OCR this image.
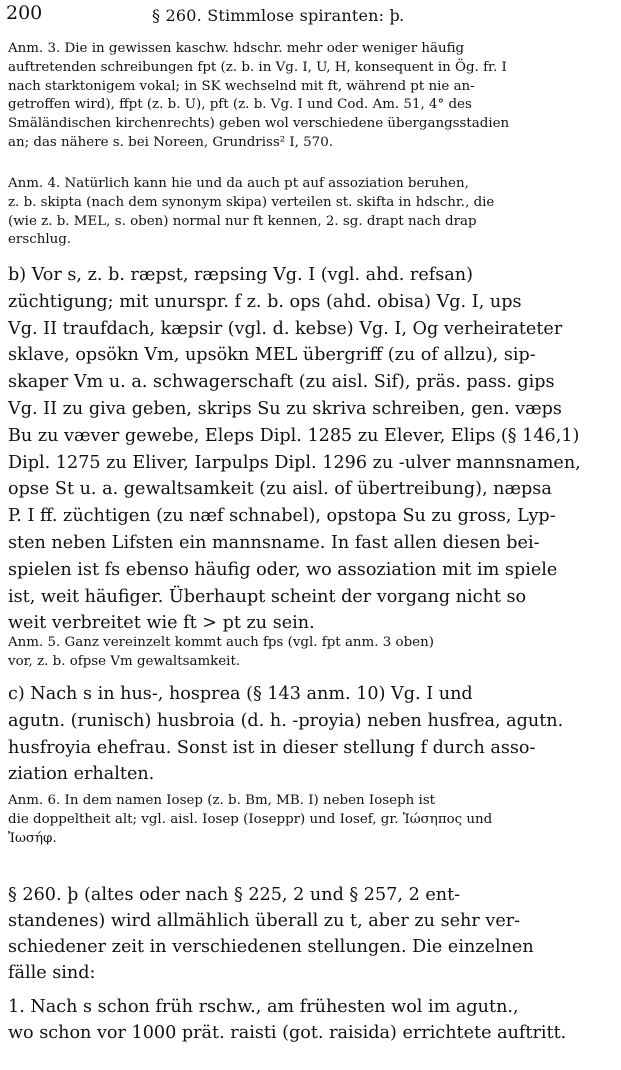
200	§ 260. Stimmlose spiranten: þ.
Anm. 3. Die in gewissen kaschw. hdschr. mehr oder weniger häufig
auftretenden schreibungen fpt (z. b. in Vg. I, U, H, konsequent in Ög. fr. I
nach starktonigem vokal; in SK wechselnd mit ft, während pt nie an-
getroffen wird), ffpt (z. b. U), pft (z. b. Vg. I und Cod. Am. 51, 4° des
Smäländischen kirchenrechts) geben wol verschiedene übergangsstadien
an; das nähere s. bei Noreen, Grundriss² I, 570.
Anm. 4. Natürlich kann hie und da auch pt auf assoziation beruhen,
z. b. skipta (nach dem synonym skipa) verteilen st. skifta in hdschr., die
(wie z. b. MEL, s. oben) normal nur ft kennen, 2. sg. drapt nach drap
erschlug.
b) Vor s, z. b. ræpst, ræpsing Vg. I (vgl. ahd. refsan)
züchtigung; mit unurspr. f z. b. ops (ahd. obisa) Vg. I, ups
Vg. II traufdach, kæpsir (vgl. d. kebse) Vg. I, Og verheirateter
sklave, opsökn Vm, upsökn MEL übergriff (zu of allzu), sip-
skaper Vm u. a. schwagerschaft (zu aisl. Sif), präs. pass. gips
Vg. II zu giva geben, skrips Su zu skriva schreiben, gen. væps
Bu zu væver gewebe, Eleps Dipl. 1285 zu Elever, Elips (§ 146,1)
Dipl. 1275 zu Eliver, Iarpulps Dipl. 1296 zu -ulver mannsnamen,
opse St u. a. gewaltsamkeit (zu aisl. of übertreibung), næpsa
P. I ff. züchtigen (zu næf schnabel), opstopa Su zu gross, Lyp-
sten neben Lifsten ein mannsname. In fast allen diesen bei-
spielen ist fs ebenso häufig oder, wo assoziation mit im spiele
ist, weit häufiger. Überhaupt scheint der vorgang nicht so
weit verbreitet wie ft > pt zu sein.
Anm. 5. Ganz vereinzelt kommt auch fps (vgl. fpt anm. 3 oben)
vor, z. b. ofpse Vm gewaltsamkeit.
c) Nach s in hus-, hosprea (§ 143 anm. 10) Vg. I und
agutn. (runisch) husbroia (d. h. -proyia) neben husfrea, agutn.
husfroyia ehefrau. Sonst ist in dieser stellung f durch asso-
ziation erhalten.
Anm. 6. In dem namen Iosep (z. b. Bm, MB. I) neben Ioseph ist
die doppeltheit alt; vgl. aisl. Iosep (Ioseppr) und Iosef, gr. Ἰώσηπος und
Ἰωσήφ.
§ 260. þ (altes oder nach § 225, 2 und § 257, 2 ent-
standenes) wird allmählich überall zu t, aber zu sehr ver-
schiedener zeit in verschiedenen stellungen. Die einzelnen
fälle sind:
1. Nach s schon früh rschw., am frühesten wol im agutn.,
wo schon vor 1000 prät. raisti (got. raisida) errichtete auftritt.
